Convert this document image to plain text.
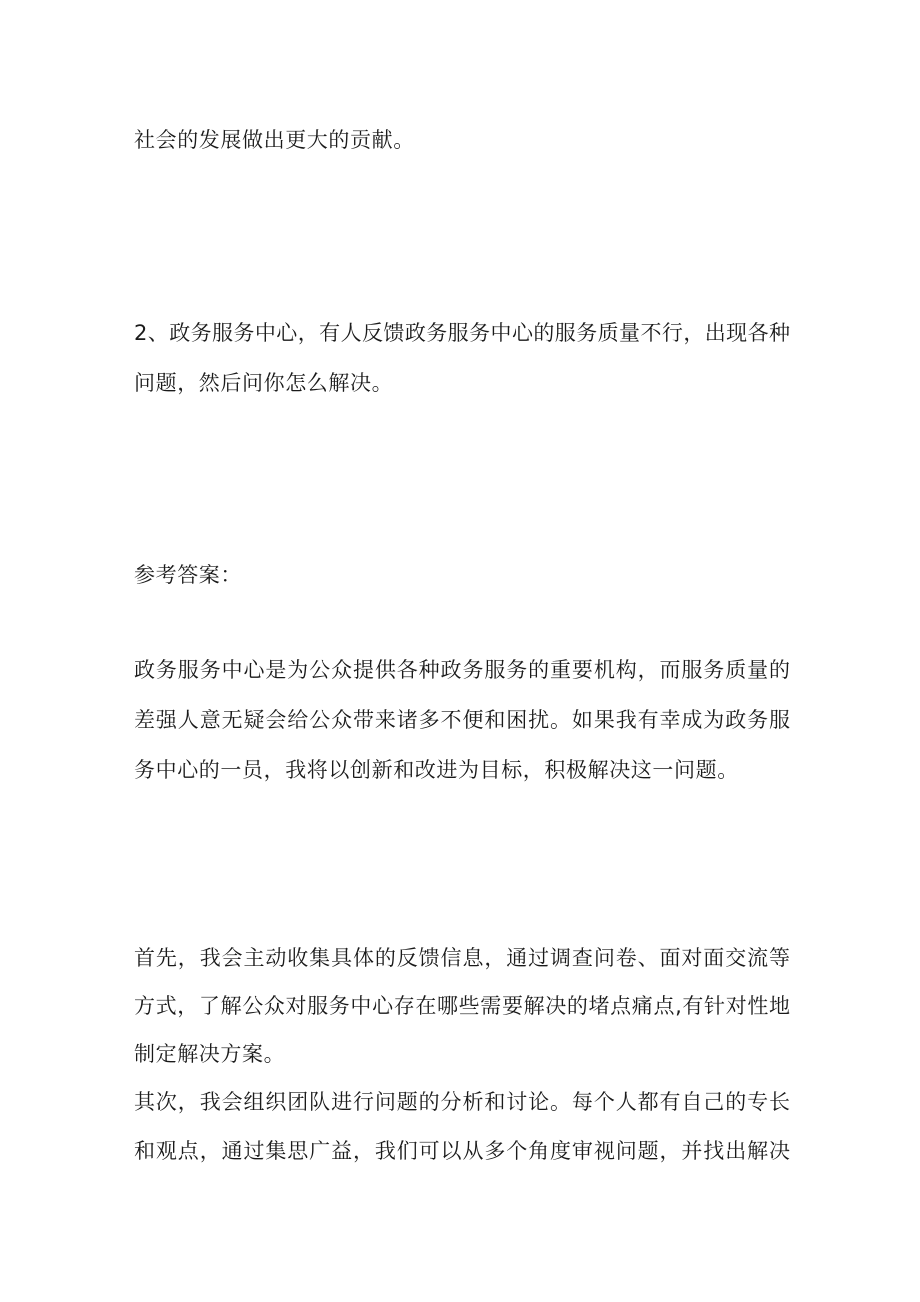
社会的发展做出更大的贡献。
2、政务服务中心，有人反馈政务服务中心的服务质量不行，出现各种
问题，然后问你怎么解决。
参考答案：
政务服务中心是为公众提供各种政务服务的重要机构，而服务质量的
差强人意无疑会给公众带来诸多不便和困扰。如果我有幸成为政务服
务中心的一员，我将以创新和改进为目标，积极解决这一问题。
首先，我会主动收集具体的反馈信息，通过调查问卷、面对面交流等
方式，了解公众对服务中心存在哪些需要解决的堵点痛点,有针对性地
制定解决方案。
其次，我会组织团队进行问题的分析和讨论。每个人都有自己的专长
和观点，通过集思广益，我们可以从多个角度审视问题，并找出解决
